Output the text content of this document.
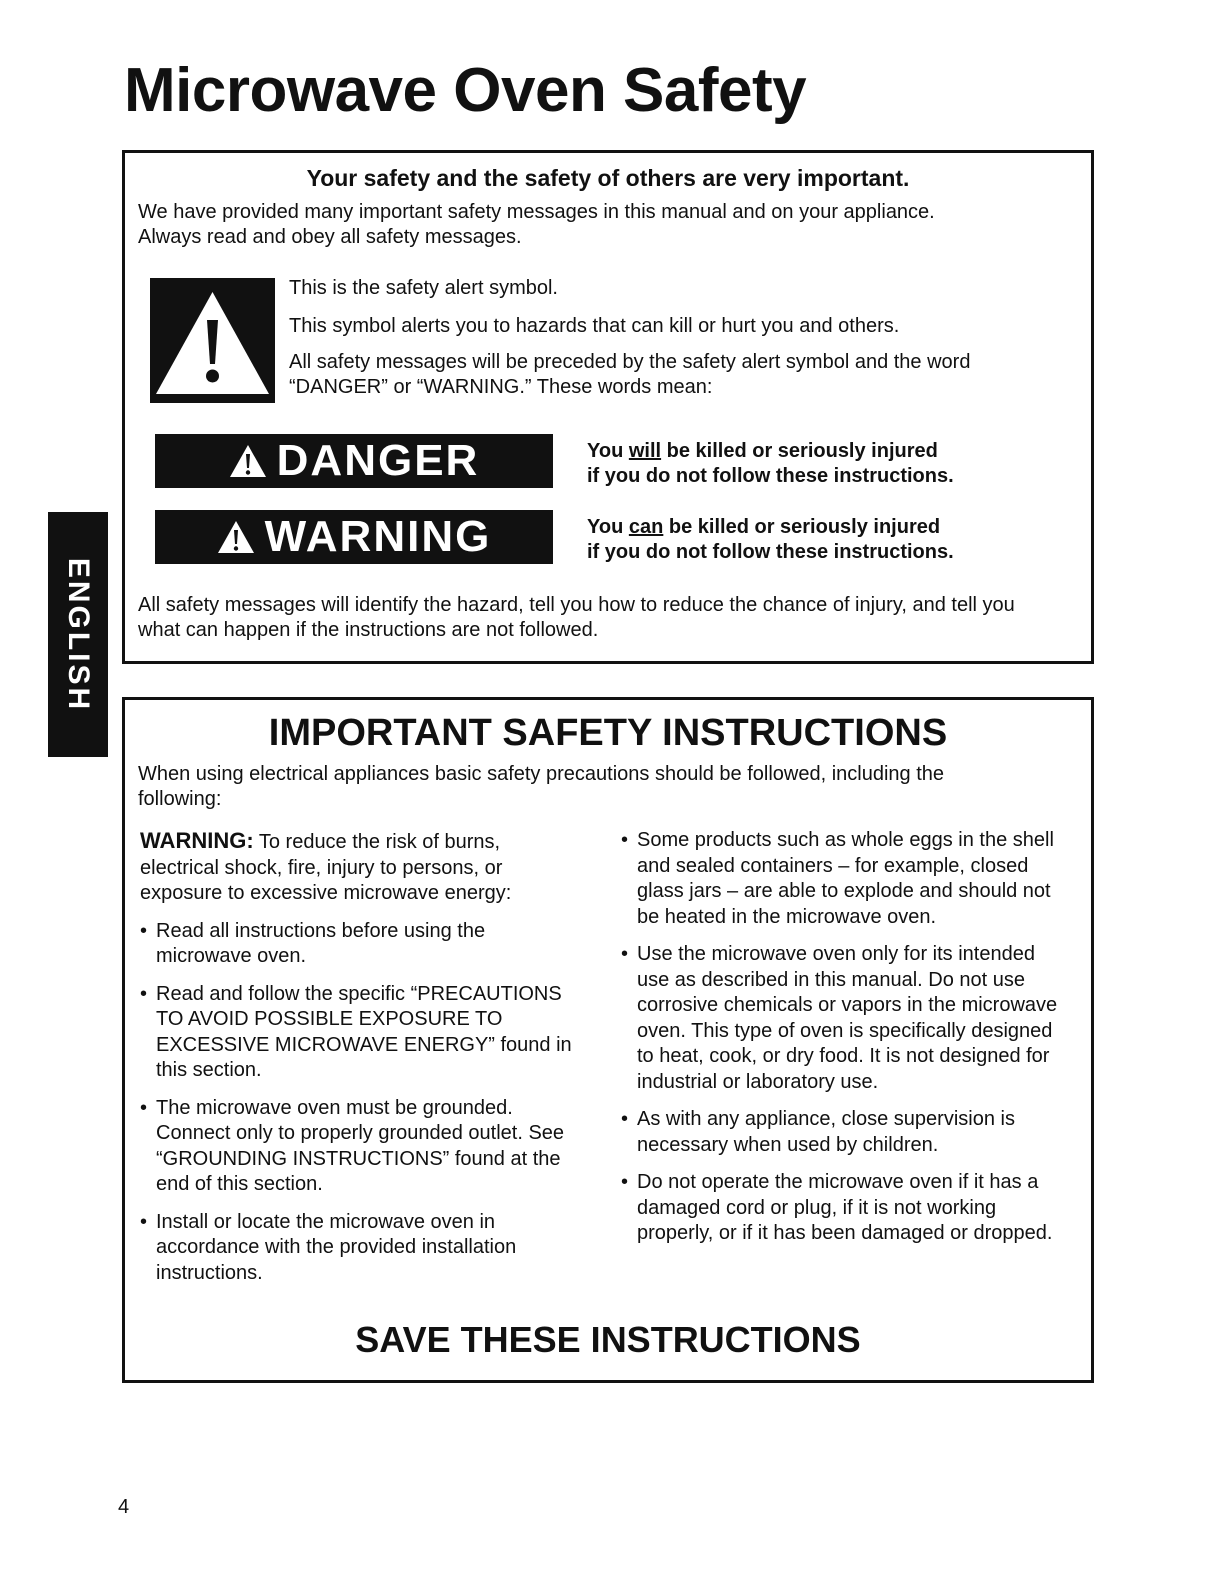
Microwave Oven Safety
ENGLISH
Your safety and the safety of others are very important.
We have provided many important safety messages in this manual and on your appliance.
Always read and obey all safety messages.
This is the safety alert symbol.
This symbol alerts you to hazards that can kill or hurt you and others.
All safety messages will be preceded by the safety alert symbol and the word
“DANGER” or “WARNING.” These words mean:
DANGER	You will be killed or seriously injured
if you do not follow these instructions.
WARNING	You can be killed or seriously injured
if you do not follow these instructions.
All safety messages will identify the hazard, tell you how to reduce the chance of injury, and tell you
what can happen if the instructions are not followed.
IMPORTANT SAFETY INSTRUCTIONS
When using electrical appliances basic safety precautions should be followed, including the
following:
WARNING: To reduce the risk of burns, electrical shock, fire, injury to persons, or exposure to excessive microwave energy:
• Read all instructions before using the microwave oven.
• Read and follow the specific “PRECAUTIONS TO AVOID POSSIBLE EXPOSURE TO EXCESSIVE MICROWAVE ENERGY” found in this section.
• The microwave oven must be grounded. Connect only to properly grounded outlet. See “GROUNDING INSTRUCTIONS” found at the end of this section.
• Install or locate the microwave oven in accordance with the provided installation instructions.
• Some products such as whole eggs in the shell and sealed containers – for example, closed glass jars – are able to explode and should not be heated in the microwave oven.
• Use the microwave oven only for its intended use as described in this manual. Do not use corrosive chemicals or vapors in the microwave oven. This type of oven is specifically designed to heat, cook, or dry food. It is not designed for industrial or laboratory use.
• As with any appliance, close supervision is necessary when used by children.
• Do not operate the microwave oven if it has a damaged cord or plug, if it is not working properly, or if it has been damaged or dropped.
SAVE THESE INSTRUCTIONS
4
